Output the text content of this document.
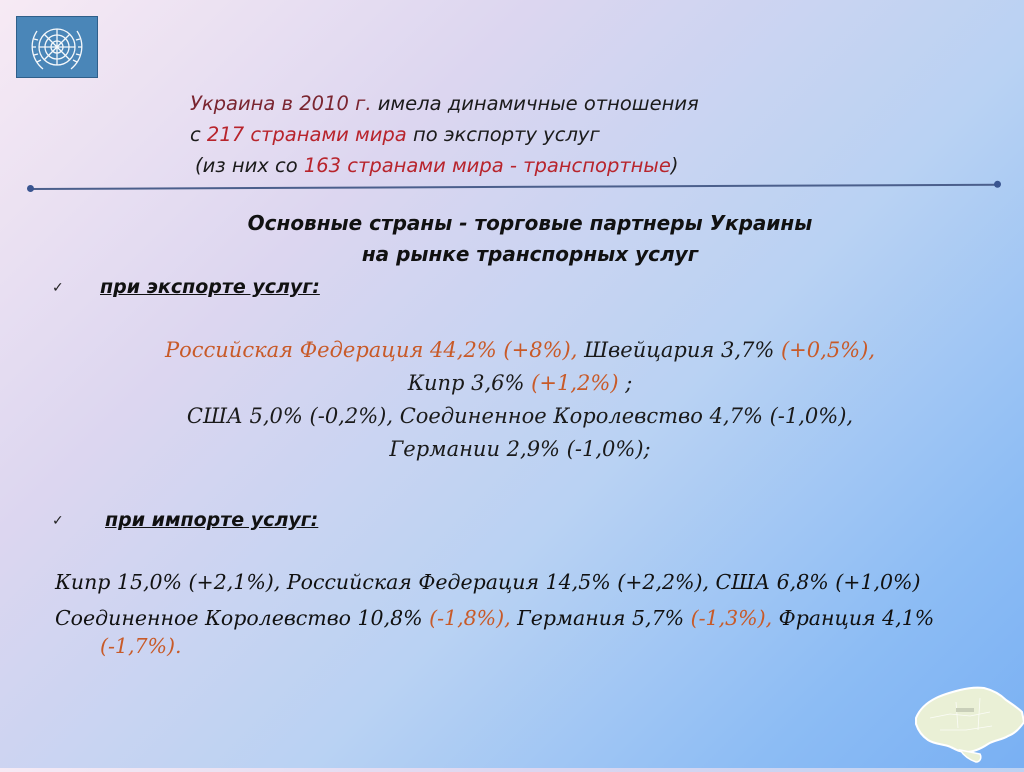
Украина в 2010 г. имела динамичные отношения
с 217 странами мира по экспорту услуг
(из них со 163 странами мира - транспортные)
Основные страны - торговые партнеры Украины
на рынке транспорных услуг
✓ при экспорте услуг:
Российская Федерация 44,2% (+8%), Швейцария 3,7% (+0,5%),
Кипр 3,6% (+1,2%) ;
США 5,0% (-0,2%), Соединенное Королевство 4,7% (-1,0%),
Германии 2,9% (-1,0%);
✓ при импорте услуг:

Кипр 15,0% (+2,1%), Российская Федерация 14,5% (+2,2%), США 6,8% (+1,0%)

Соединенное Королевство 10,8% (-1,8%), Германия 5,7% (-1,3%), Франция 4,1% (-1,7%).
